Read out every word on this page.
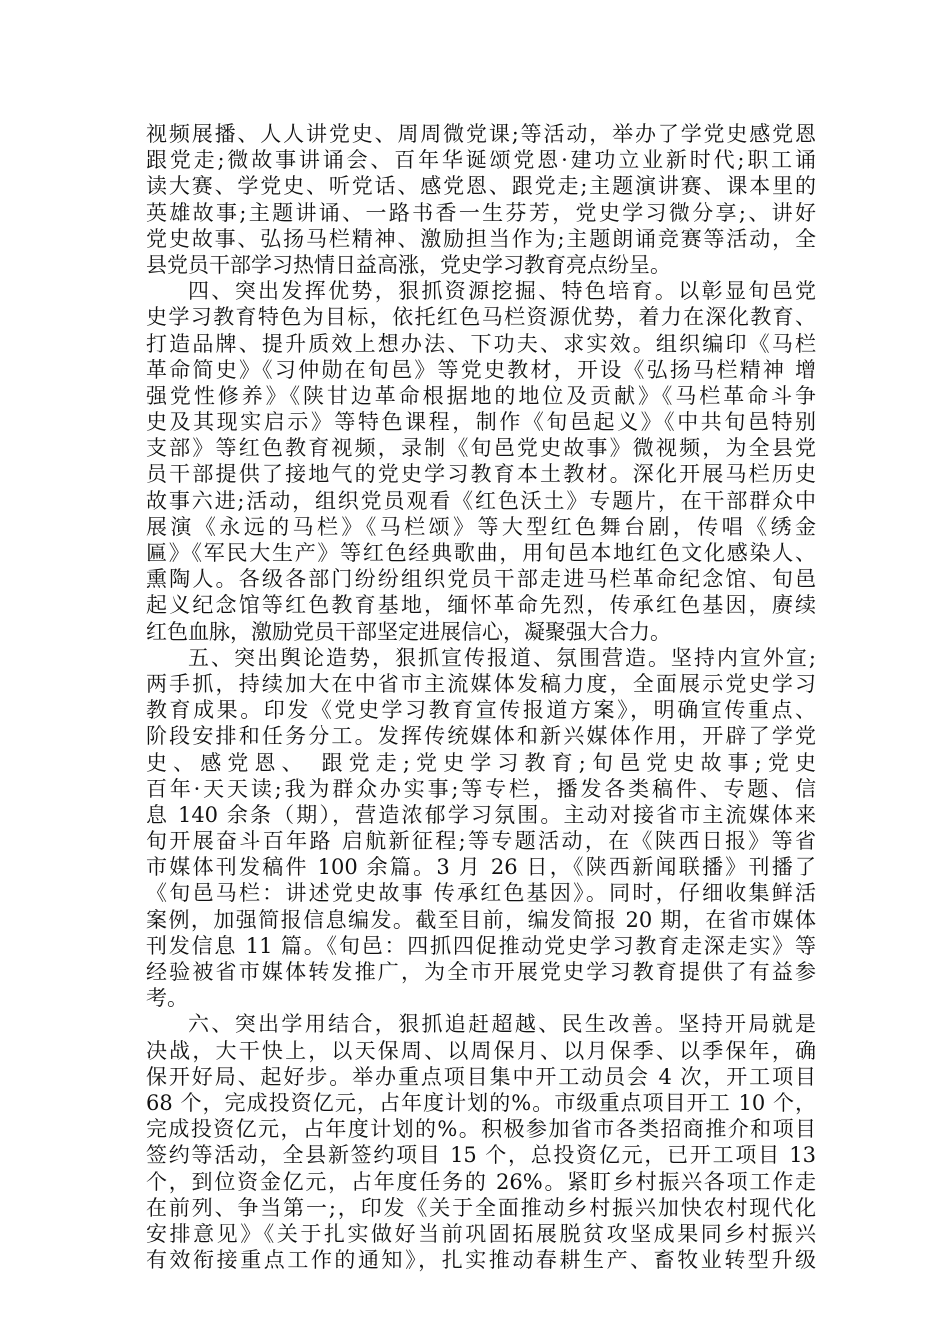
视频展播、人人讲党史、周周微党课;等活动，举办了学党史感党恩
跟党走;微故事讲诵会、百年华诞颂党恩·建功立业新时代;职工诵
读大赛、学党史、听党话、感党恩、跟党走;主题演讲赛、课本里的
英雄故事;主题讲诵、一路书香一生芬芳，党史学习微分享;、讲好
党史故事、弘扬马栏精神、激励担当作为;主题朗诵竞赛等活动，全
县党员干部学习热情日益高涨，党史学习教育亮点纷呈。
四、突出发挥优势，狠抓资源挖掘、特色培育。以彰显旬邑党
史学习教育特色为目标，依托红色马栏资源优势，着力在深化教育、
打造品牌、提升质效上想办法、下功夫、求实效。组织编印《马栏
革命简史》《习仲勋在旬邑》等党史教材，开设《弘扬马栏精神 增
强党性修养》《陕甘边革命根据地的地位及贡献》《马栏革命斗争
史及其现实启示》等特色课程，制作《旬邑起义》《中共旬邑特别
支部》等红色教育视频，录制《旬邑党史故事》微视频，为全县党
员干部提供了接地气的党史学习教育本土教材。深化开展马栏历史
故事六进;活动，组织党员观看《红色沃土》专题片，在干部群众中
展演《永远的马栏》《马栏颂》等大型红色舞台剧，传唱《绣金
匾》《军民大生产》等红色经典歌曲，用旬邑本地红色文化感染人、
熏陶人。各级各部门纷纷组织党员干部走进马栏革命纪念馆、旬邑
起义纪念馆等红色教育基地，缅怀革命先烈，传承红色基因，赓续
红色血脉，激励党员干部坚定进展信心，凝聚强大合力。
五、突出舆论造势，狠抓宣传报道、氛围营造。坚持内宣外宣;
两手抓，持续加大在中省市主流媒体发稿力度，全面展示党史学习
教育成果。印发《党史学习教育宣传报道方案》，明确宣传重点、
阶段安排和任务分工。发挥传统媒体和新兴媒体作用，开辟了学党
史、感党恩、 跟党走;党史学习教育;旬邑党史故事;党史
百年·天天读;我为群众办实事;等专栏，播发各类稿件、专题、信
息 140 余条（期），营造浓郁学习氛围。主动对接省市主流媒体来
旬开展奋斗百年路 启航新征程;等专题活动，在《陕西日报》等省
市媒体刊发稿件 100 余篇。3 月 26 日，《陕西新闻联播》刊播了
《旬邑马栏：讲述党史故事 传承红色基因》。同时，仔细收集鲜活
案例，加强简报信息编发。截至目前，编发简报 20 期，在省市媒体
刊发信息 11 篇。《旬邑：四抓四促推动党史学习教育走深走实》等
经验被省市媒体转发推广，为全市开展党史学习教育提供了有益参
考。
六、突出学用结合，狠抓追赶超越、民生改善。坚持开局就是
决战，大干快上，以天保周、以周保月、以月保季、以季保年，确
保开好局、起好步。举办重点项目集中开工动员会 4 次，开工项目
68 个，完成投资亿元，占年度计划的%。市级重点项目开工 10 个，
完成投资亿元，占年度计划的%。积极参加省市各类招商推介和项目
签约等活动，全县新签约项目 15 个，总投资亿元，已开工项目 13
个，到位资金亿元，占年度任务的 26%。紧盯乡村振兴各项工作走
在前列、争当第一;，印发《关于全面推动乡村振兴加快农村现代化
安排意见》《关于扎实做好当前巩固拓展脱贫攻坚成果同乡村振兴
有效衔接重点工作的通知》，扎实推动春耕生产、畜牧业转型升级
